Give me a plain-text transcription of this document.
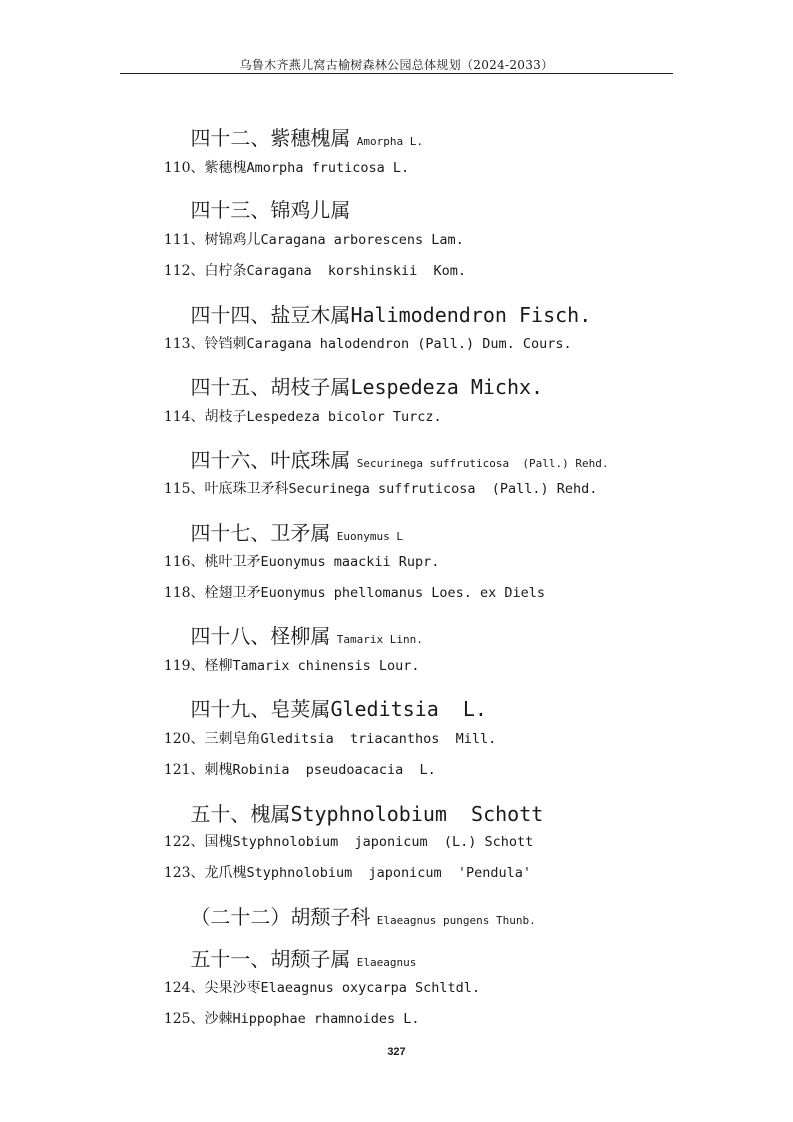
乌鲁木齐燕儿窝古榆树森林公园总体规划（2024-2033）

四十二、紫穗槐属 Amorpha L.

110、紫穗槐Amorpha fruticosa L.

四十三、锦鸡儿属

111、树锦鸡儿Caragana arborescens Lam.

112、白柠条Caragana  korshinskii  Kom.

四十四、盐豆木属Halimodendron Fisch.

113、铃铛刺Caragana halodendron (Pall.) Dum. Cours.

四十五、胡枝子属Lespedeza Michx.

114、胡枝子Lespedeza bicolor Turcz.

四十六、叶底珠属 Securinega suffruticosa  (Pall.) Rehd.

115、叶底珠卫矛科Securinega suffruticosa  (Pall.) Rehd.

四十七、卫矛属 Euonymus L

116、桃叶卫矛Euonymus maackii Rupr.

118、栓翅卫矛Euonymus phellomanus Loes. ex Diels

四十八、柽柳属 Tamarix Linn.

119、柽柳Tamarix chinensis Lour.

四十九、皂荚属Gleditsia  L.

120、三刺皂角Gleditsia  triacanthos  Mill.

121、刺槐Robinia  pseudoacacia  L.

五十、槐属Styphnolobium  Schott

122、国槐Styphnolobium  japonicum  (L.) Schott

123、龙爪槐Styphnolobium  japonicum  'Pendula'

（二十二）胡颓子科 Elaeagnus pungens Thunb.

五十一、胡颓子属 Elaeagnus

124、尖果沙枣Elaeagnus oxycarpa Schltdl.

125、沙棘Hippophae rhamnoides L.

327
